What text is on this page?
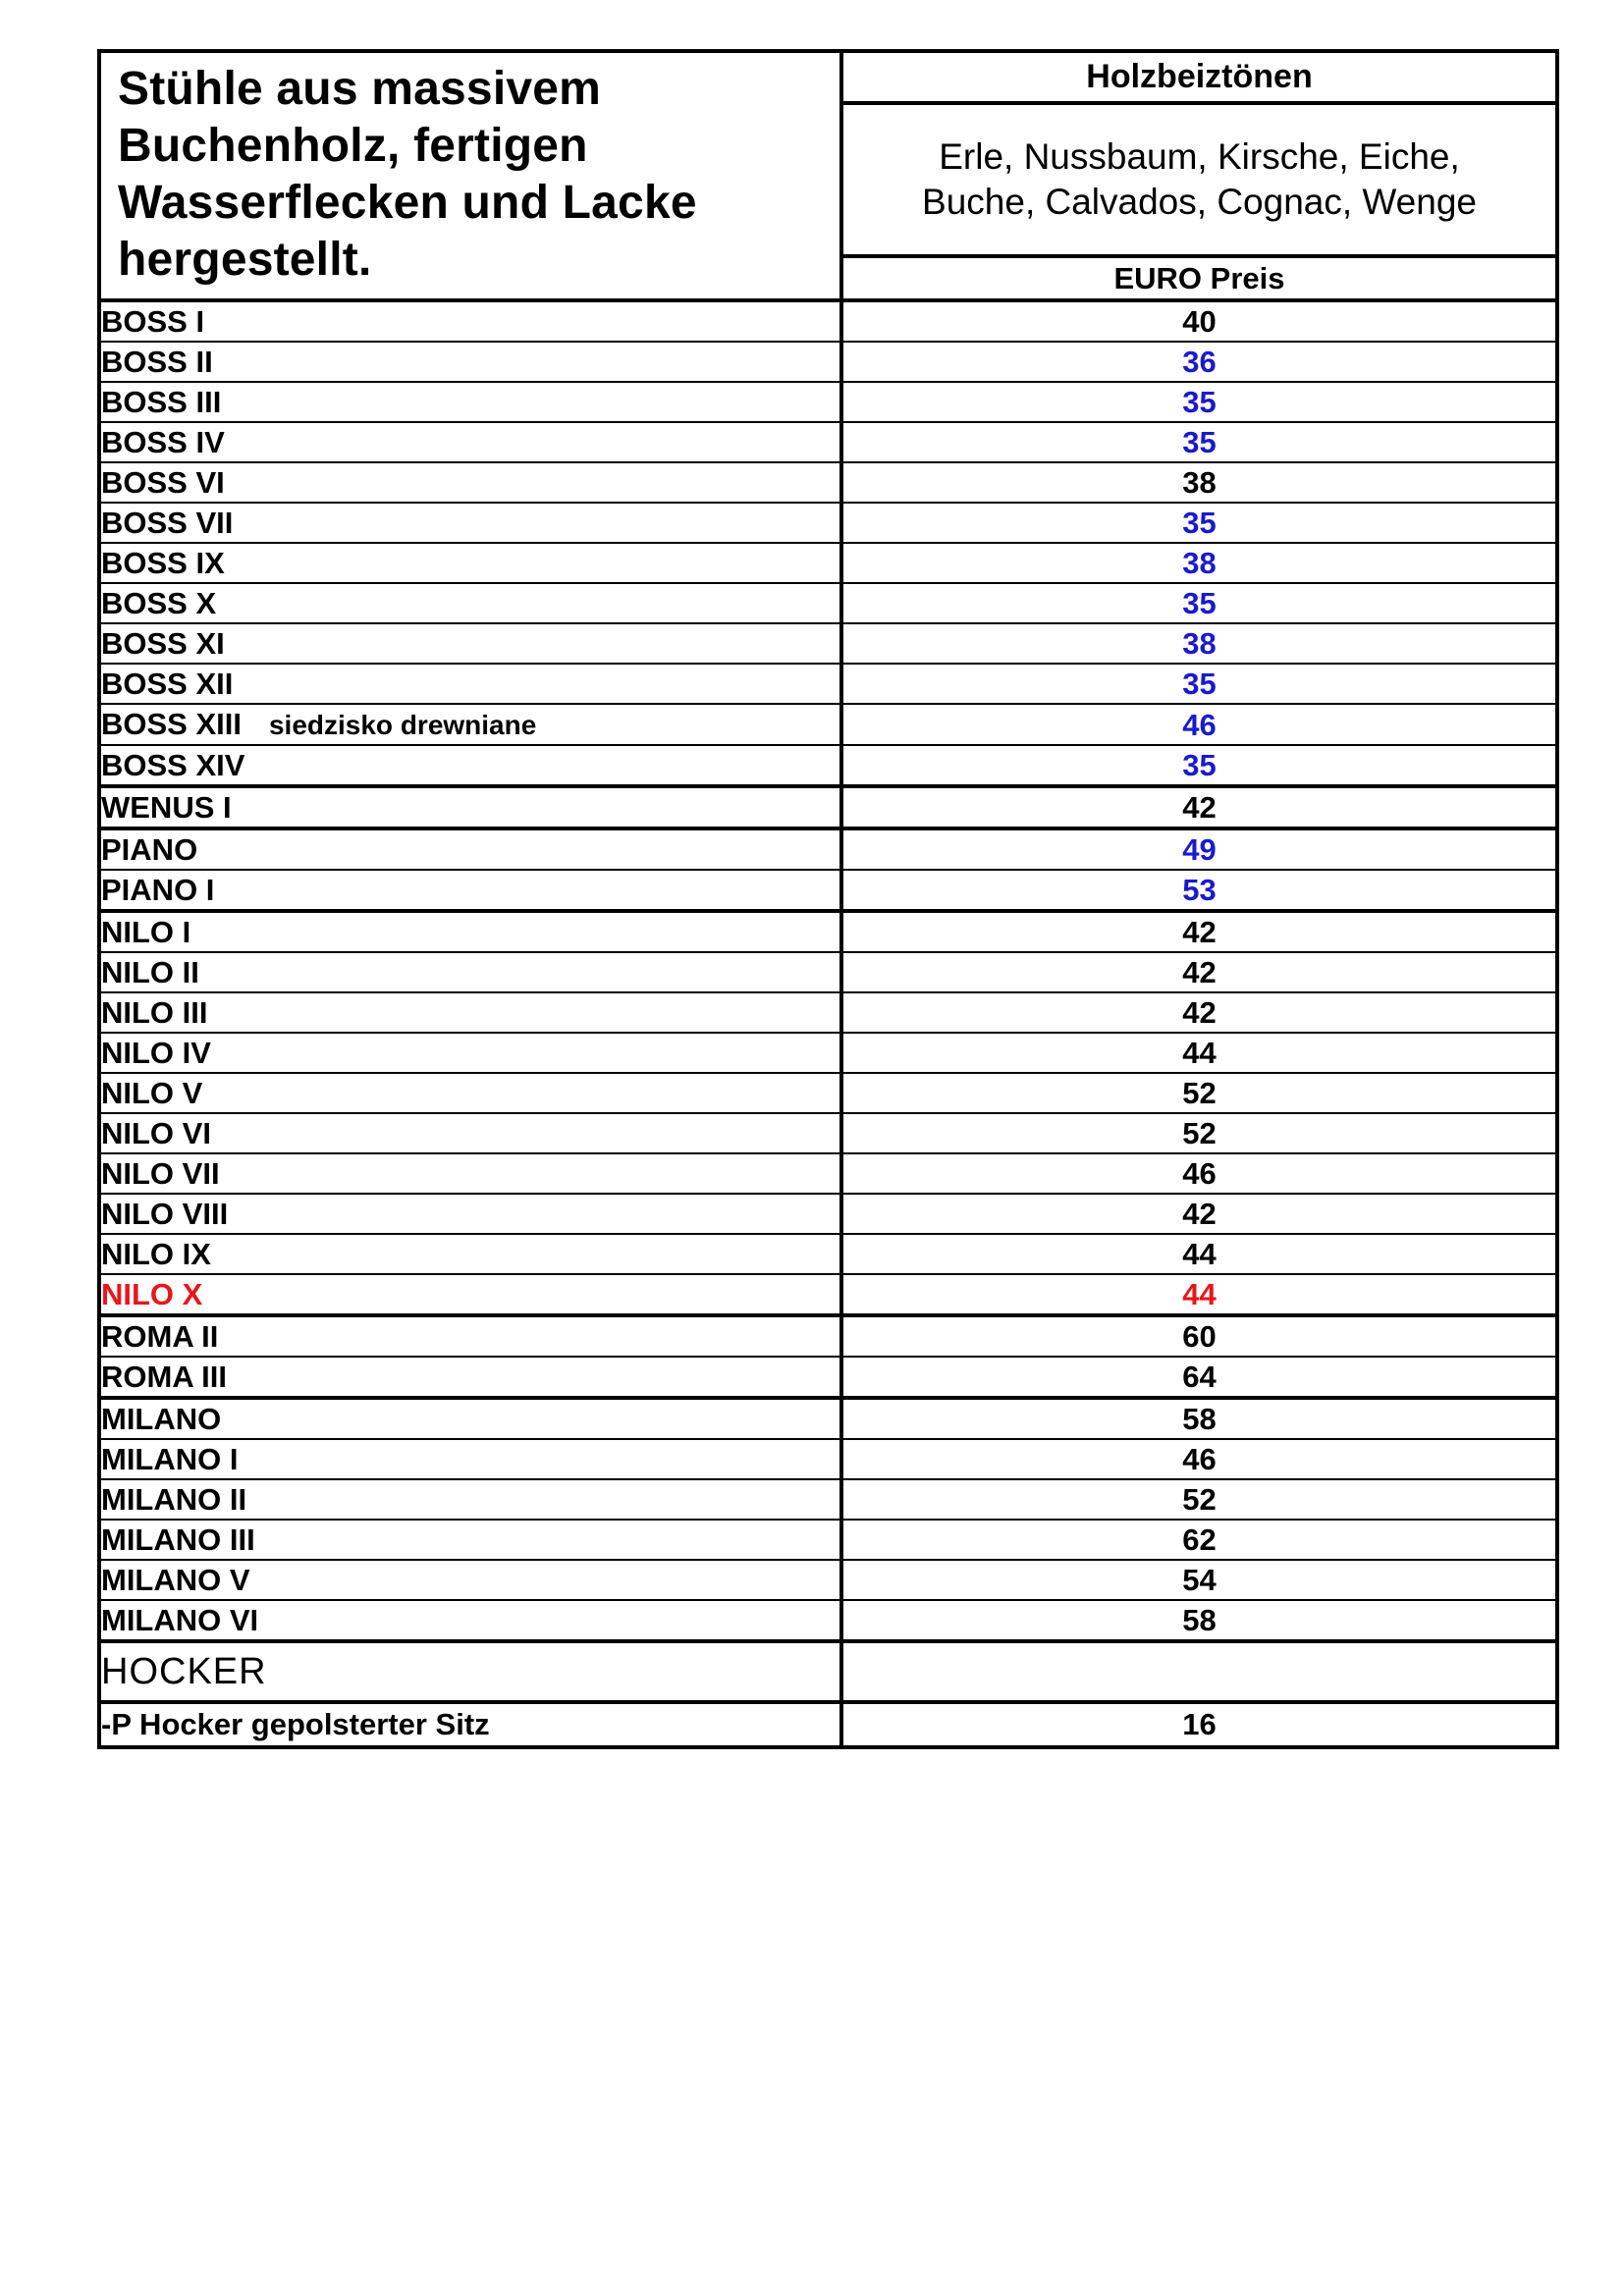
Stühle aus massivem Buchenholz, fertigen Wasserflecken und Lacke hergestellt.	Holzbeiztönen

	Erle, Nussbaum, Kirsche, Eiche,
Buche, Calvados, Cognac, Wenge

	EURO Preis
BOSS I	40
BOSS II	36
BOSS III	35
BOSS IV	35
BOSS VI	38
BOSS VII	35
BOSS IX	38
BOSS X	35
BOSS XI	38
BOSS XII	35
BOSS XIII siedzisko drewniane	46
BOSS XIV	35
WENUS I	42
PIANO	49
PIANO I	53
NILO I	42
NILO II	42
NILO III	42
NILO IV	44
NILO V	52
NILO VI	52
NILO VII	46
NILO VIII	42
NILO IX	44
NILO X	44
ROMA II	60
ROMA III	64
MILANO	58
MILANO I	46
MILANO II	52
MILANO III	62
MILANO V	54
MILANO VI	58
HOCKER	
-P Hocker gepolsterter Sitz	16
